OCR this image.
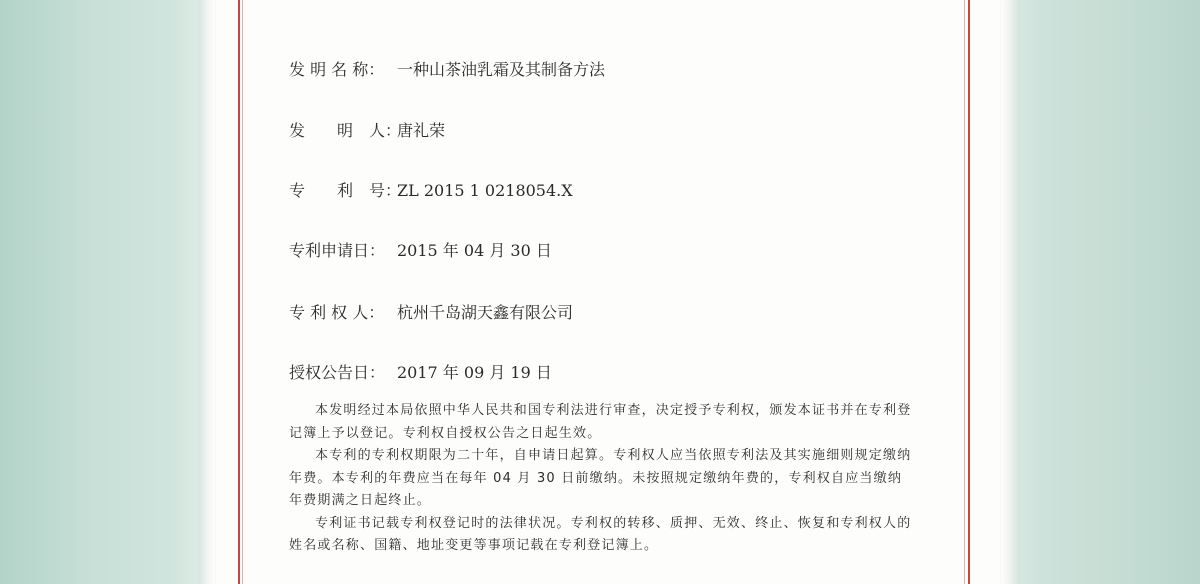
发 明 名 称： 一种山茶油乳霜及其制备方法
发　　明　人：唐礼荣
专　　利　号：ZL 2015 1 0218054.X
专利申请日： 2015 年 04 月 30 日
专 利 权 人： 杭州千岛湖天鑫有限公司
授权公告日： 2017 年 09 月 19 日

本发明经过本局依照中华人民共和国专利法进行审查，决定授予专利权，颁发本证书并在专利登记簿上予以登记。专利权自授权公告之日起生效。

本专利的专利权期限为二十年，自申请日起算。专利权人应当依照专利法及其实施细则规定缴纳年费。本专利的年费应当在每年 04 月 30 日前缴纳。未按照规定缴纳年费的，专利权自应当缴纳年费期满之日起终止。

专利证书记载专利权登记时的法律状况。专利权的转移、质押、无效、终止、恢复和专利权人的姓名或名称、国籍、地址变更等事项记载在专利登记簿上。
